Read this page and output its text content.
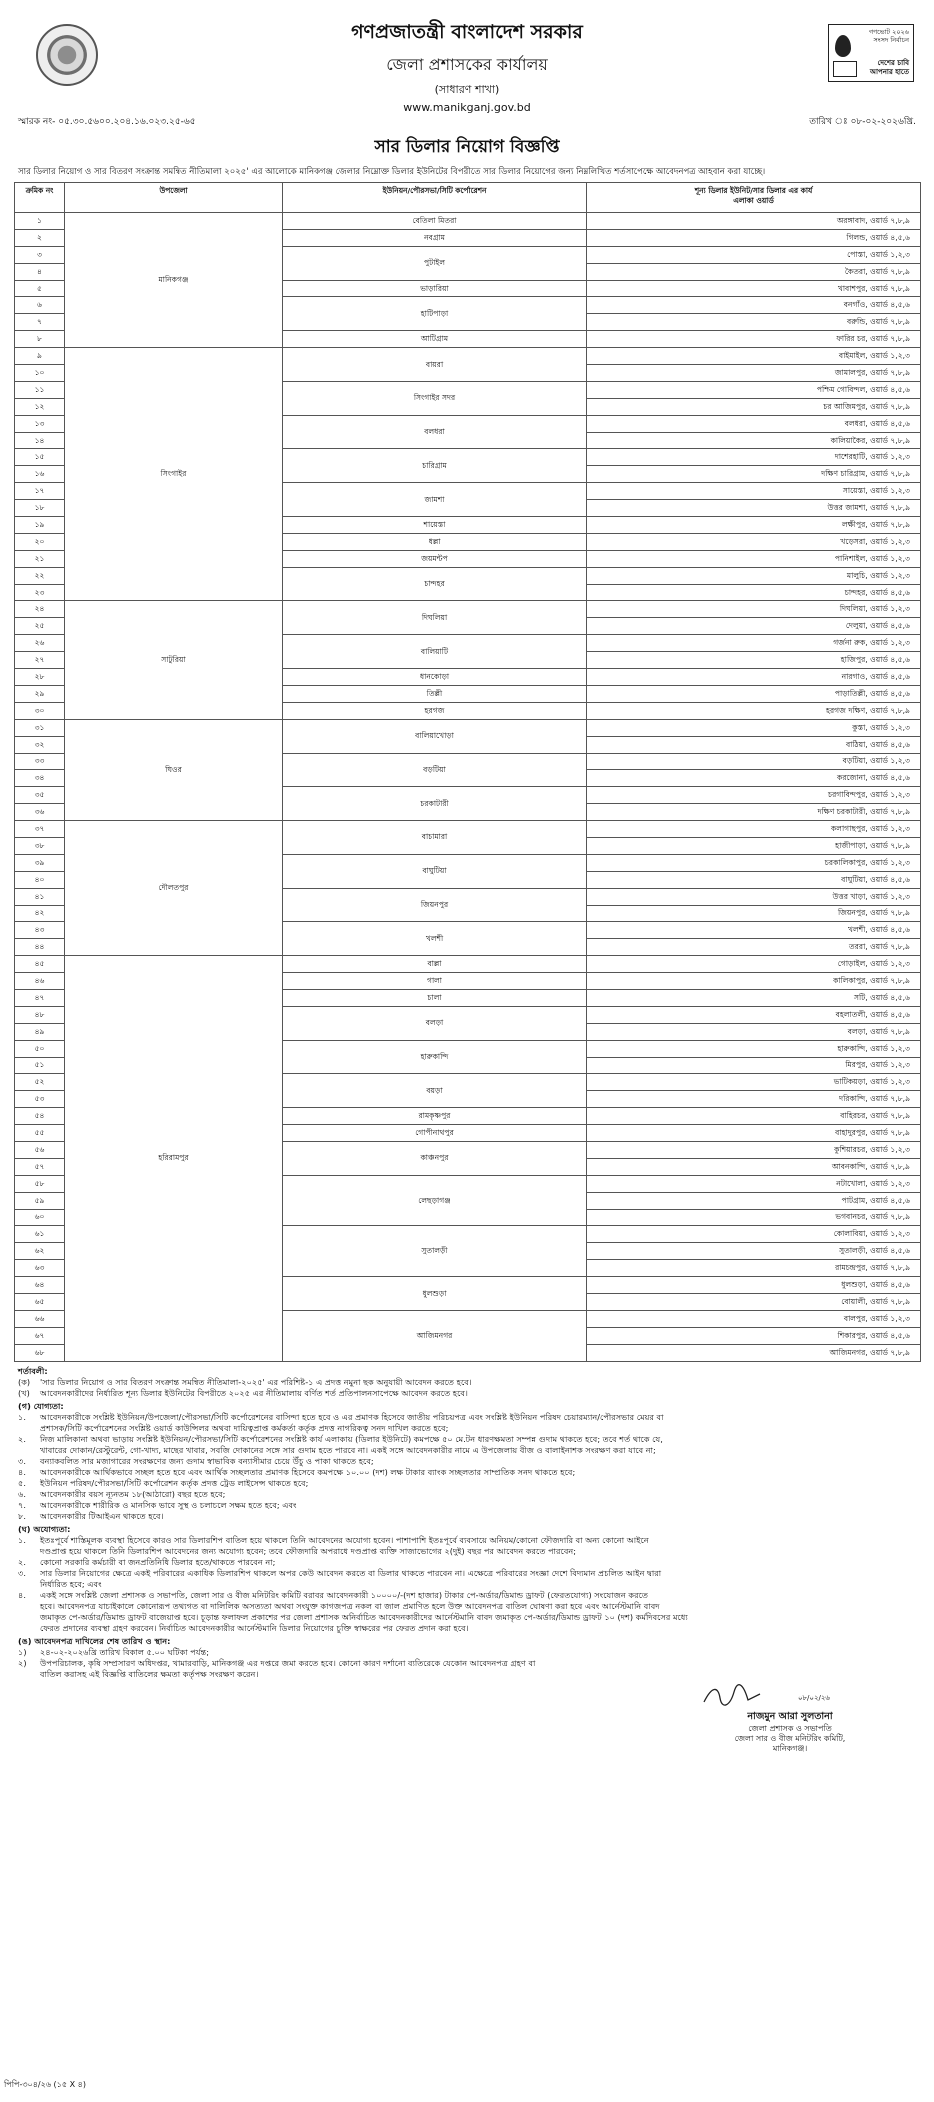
গণপ্রজাতন্ত্রী বাংলাদেশ সরকার
জেলা প্রশাসকের কার্যালয়
(সাধারণ শাখা)
www.manikganj.gov.bd
গণভোট ২০২৬
সংসদ নির্বাচন
দেশের চাবি
আপনার হাতে
স্মারক নং- ০৫.৩০.৫৬০০.২০৪.১৬.০২৩.২৫-৬৫	তারিখ ঃ ০৮-০২-২০২৬খ্রি.
সার ডিলার নিয়োগ বিজ্ঞপ্তি
সার ডিলার নিয়োগ ও সার বিতরণ সংক্রান্ত সমন্বিত নীতিমালা ২০২৫' এর আলোকে মানিকগঞ্জ জেলার নিম্নোক্ত ডিলার ইউনিটের বিপরীতে সার ডিলার নিয়োগের জন্য নিম্নলিখিত শর্তসাপেক্ষে আবেদনপত্র আহবান করা যাচ্ছে।
ক্রমিক নং	উপজেলা	ইউনিয়ন/পৌরসভা/সিটি কর্পোরেশন	শূন্য ডিলার ইউনিট/সার ডিলার এর কার্য
এলাকা ওয়ার্ড

১	মানিকগঞ্জ	বেতিলা মিতরা	অরঙ্গাবাদ, ওয়ার্ড ৭,৮,৯
২		নবগ্রাম	গিলন্ড, ওয়ার্ড ৪,৫,৬
৩		পুটাইল	পোস্তা, ওয়ার্ড ১,২,৩
৪			কৈতরা, ওয়ার্ড ৭,৮,৯
৫		ভাড়ারিয়া	খাবাশপুর, ওয়ার্ড ৭,৮,৯
৬		হাটিপাড়া	বনগাঁও, ওয়ার্ড ৪,৫,৬
৭			বরুন্ডি, ওয়ার্ড ৭,৮,৯
৮		আটিগ্রাম	ফারির চর, ওয়ার্ড ৭,৮,৯
৯	সিংগাইর	বায়রা	বাইমাইল, ওয়ার্ড ১,২,৩
১০			জামালপুর, ওয়ার্ড ৭,৮,৯
১১		সিংগাইর সদর	পশ্চিম গোবিন্দল, ওয়ার্ড ৪,৫,৬
১২			চর আজিমপুর, ওয়ার্ড ৭,৮,৯
১৩		বলধরা	বলধরা, ওয়ার্ড ৪,৫,৬
১৪			কালিয়াকৈর, ওয়ার্ড ৭,৮,৯
১৫		চারিগ্রাম	দাশেরহাটি, ওয়ার্ড ১,২,৩
১৬			দক্ষিণ চারিগ্রাম, ওয়ার্ড ৭,৮,৯
১৭		জামশা	সায়েস্তা, ওয়ার্ড ১,২,৩
১৮			উত্তর জামশা, ওয়ার্ড ৭,৮,৯
১৯		শায়েস্তা	লক্ষীপুর, ওয়ার্ড ৭,৮,৯
২০		ধল্লা	খড়েসরা, ওয়ার্ড ১,২,৩
২১		জয়মন্টপ	পানিশাইল, ওয়ার্ড ১,২,৩
২২		চান্দহর	মালুচি, ওয়ার্ড ১,২,৩
২৩			চান্দহর, ওয়ার্ড ৪,৫,৬
২৪	সাটুরিয়া	দিঘলিয়া	দিঘলিয়া, ওয়ার্ড ১,২,৩
২৫			দেলুয়া, ওয়ার্ড ৪,৫,৬
২৬		বালিয়াটি	গর্জনা রুক, ওয়ার্ড ১,২,৩
২৭			হাজিপুর, ওয়ার্ড ৪,৫,৬
২৮		ধানকোড়া	নারগাও, ওয়ার্ড ৪,৫,৬
২৯		তিল্লী	পাড়াতিল্লী, ওয়ার্ড ৪,৫,৬
৩০		হরগজ	হরগজ দক্ষিণ, ওয়ার্ড ৭,৮,৯
৩১	ঘিওর	বালিয়াখোড়া	কুস্তা, ওয়ার্ড ১,২,৩
৩২			বাঠিয়া, ওয়ার্ড ৪,৫,৬
৩৩		বড়টিয়া	বড়টিয়া, ওয়ার্ড ১,২,৩
৩৪			করজোনা, ওয়ার্ড ৪,৫,৬
৩৫		চরকাটারী	চরগাবিন্দপুর, ওয়ার্ড ১,২,৩
৩৬			দক্ষিণ চরকাটারী, ওয়ার্ড ৭,৮,৯
৩৭	দৌলতপুর	বাচামারা	কলাগাছপুর, ওয়ার্ড ১,২,৩
৩৮			হাজীপাড়া, ওয়ার্ড ৭,৮,৯
৩৯		বাঘুটিয়া	চরকালিকাপুর, ওয়ার্ড ১,২,৩
৪০			বাঘুটিয়া, ওয়ার্ড ৪,৫,৬
৪১		জিয়নপুর	উত্তর খাড়া, ওয়ার্ড ১,২,৩
৪২			জিয়নপুর, ওয়ার্ড ৭,৮,৯
৪৩		খলশী	খলশী, ওয়ার্ড ৪,৫,৬
৪৪			তররা, ওয়ার্ড ৭,৮,৯
৪৫	হরিরামপুর	বাল্লা	গোড়াইল, ওয়ার্ড ১,২,৩
৪৬		গালা	কালিকাপুর, ওয়ার্ড ৭,৮,৯
৪৭		চালা	সটি, ওয়ার্ড ৪,৫,৬
৪৮		বলড়া	বহলাতলী, ওয়ার্ড ৪,৫,৬
৪৯			বলড়া, ওয়ার্ড ৭,৮,৯
৫০		হারুকান্দি	হারুকান্দি, ওয়ার্ড ১,২,৩
৫১			মিরপুর, ওয়ার্ড ১,২,৩
৫২		বয়ড়া	ভাটিকয়ড়া, ওয়ার্ড ১,২,৩
৫৩			দরিকান্দি, ওয়ার্ড ৭,৮,৯
৫৪		রামকৃষ্ণপুর	বাহিরচর, ওয়ার্ড ৭,৮,৯
৫৫		গোপীনাথপুর	বাহাদুরপুর, ওয়ার্ড ৭,৮,৯
৫৬		কাঞ্চনপুর	কুশিয়ারচর, ওয়ার্ড ১,২,৩
৫৭			আবনকান্দি, ওয়ার্ড ৭,৮,৯
৫৮		লেছড়াগঞ্জ	নটাখোলা, ওয়ার্ড ১,২,৩
৫৯			পাটগ্রাম, ওয়ার্ড ৪,৫,৬
৬০			ভগবানচর, ওয়ার্ড ৭,৮,৯
৬১		সুতালড়ী	কোলাবিয়া, ওয়ার্ড ১,২,৩
৬২			সুতালড়ী, ওয়ার্ড ৪,৫,৬
৬৩			রামচন্দ্রপুর, ওয়ার্ড ৭,৮,৯
৬৪		ধুলশুড়া	ধুলশুড়া, ওয়ার্ড ৪,৫,৬
৬৫			বোয়ালী, ওয়ার্ড ৭,৮,৯
৬৬		আজিমনগর	বালপুর, ওয়ার্ড ১,২,৩
৬৭			শিকারপুর, ওয়ার্ড ৪,৫,৬
৬৮			আজিমনগর, ওয়ার্ড ৭,৮,৯
শর্তাবলী:
(ক)	'সার ডিলার নিয়োগ ও সার বিতরণ সংক্রান্ত সমন্বিত নীতিমালা-২০২৫' এর পরিশিষ্ট-১ এ প্রদত্ত নমুনা ছক অনুযায়ী আবেদন করতে হবে।
(খ)	আবেদনকারীদের নির্ধারিত শূন্য ডিলার ইউনিটের বিপরীতে ২০২৫ এর নীতিমালায় বর্ণিত শর্ত প্রতিপালনসাপেক্ষে আবেদন করতে হবে।
(গ) যোগ্যতা:
১.	আবেদনকারীকে সংশ্লিষ্ট ইউনিয়ন/উপজেলা/পৌরসভা/সিটি কর্পোরেশনের বাসিন্দা হতে হবে ও এর প্রমাণক হিসেবে জাতীয় পরিচয়পত্র এবং সংশ্লিষ্ট ইউনিয়ন পরিষদ চেয়ারম্যান/পৌরসভার মেয়র বা
প্রশাসক/সিটি কর্পোরেশনের সংশ্লিষ্ট ওয়ার্ড কাউন্সিলর অথবা দায়িত্বপ্রাপ্ত কর্মকর্তা কর্তৃক প্রদত্ত নাগরিকত্ব সনদ দাখিল করতে হবে;
২.	নিজ মালিকানা অথবা ভাড়ায় সংশ্লিষ্ট ইউনিয়ন/পৌরসভা/সিটি কর্পোরেশনের সংশ্লিষ্ট কার্য এলাকায় (ডিলার ইউনিটে) কমপক্ষে ৫০ মে.টন ধারণক্ষমতা সম্পন্ন গুদাম থাকতে হবে; তবে শর্ত থাকে যে,
খাবারের দোকান/রেস্টুরেন্ট, গো-খাদ্য, মাছের খাবার, সবজি দোকানের সঙ্গে সার গুদাম হতে পারবে না। একই সঙ্গে আবেদনকারীর নামে এ উপজেলায় বীজ ও বালাইনাশক সংরক্ষণ করা যাবে না;
৩.	বন্যাকবলিত সার মজাগারের সংরক্ষণের জন্য গুদাম স্বাভাবিক বন্যাসীমার চেয়ে উঁচু ও পাকা থাকতে হবে;
৪.	আবেদনকারীকে আর্থিকভাবে সচ্ছল হতে হবে এবং আর্থিক সচ্ছলতার প্রমাণক হিসেবে কমপক্ষে ১০.০০ (দশ) লক্ষ টাকার ব্যাংক সচ্ছলতার সাম্প্রতিক সনদ থাকতে হবে;
৫.	ইউনিয়ন পরিষদ/পৌরসভা/সিটি কর্পোরেশন কর্তৃক প্রদত্ত ট্রেড লাইসেন্স থাকতে হবে;
৬.	আবেদনকারীর বয়স ন্যূনতম ১৮(আঠারো) বছর হতে হবে;
৭.	আবেদনকারীকে শারীরিক ও মানসিক ভাবে সুস্থ ও চলাচলে সক্ষম হতে হবে; এবং
৮.	আবেদনকারীর টিআইএন থাকতে হবে।
(ঘ) অযোগ্যতা:
১.	ইতঃপূর্বে শাস্তিমূলক ব্যবস্থা হিসেবে কারও সার ডিলারশিপ বাতিল হয়ে থাকলে তিনি আবেদনের অযোগ্য হবেন। পাশাপাশি ইতঃপূর্বে ব্যবসায়ে অনিয়ম/কোনো ফৌজদারি বা অন্য কোনো আইনে
দণ্ডপ্রাপ্ত হয়ে থাকলে তিনি ডিলারশিপ আবেদনের জন্য অযোগ্য হবেন; তবে ফৌজদারি অপরাধে দণ্ডপ্রাপ্ত ব্যক্তি সাজাভোগের ২(দুই) বছর পর আবেদন করতে পারবেন;
২.	কোনো সরকারি কর্মচারী বা জনপ্রতিনিধি ডিলার হতে/থাকতে পারবেন না;
৩.	সার ডিলার নিয়োগের ক্ষেত্রে একই পরিবারের একাধিক ডিলারশিপ থাকলে অপর কেউ আবেদন করতে বা ডিলার থাকতে পারবেন না। এক্ষেত্রে পরিবারের সংজ্ঞা দেশে বিদ্যমান প্রচলিত আইন দ্বারা
নির্ধারিত হবে; এবং
৪.	একই সঙ্গে সংশ্লিষ্ট জেলা প্রশাসক ও সভাপতি, জেলা সার ও বীজ মনিটরিং কমিটি বরাবর আবেদনকারী ১০০০০/-(দশ হাজার) টাকার পে-অর্ডার/ডিমান্ড ড্রাফট (ফেরতযোগ্য) সংযোজন করতে
হবে। আবেদনপত্র যাচাইকালে কোনোরূপ তথ্যগত বা দালিলিক অসত্যতা অথবা সংযুক্ত কাগজপত্র নকল বা জাল প্রমাণিত হলে উক্ত আবেদনপত্র বাতিল ঘোষণা করা হবে এবং আর্নেস্টমানি বাবদ
জমাকৃত পে-অর্ডার/ডিমান্ড ড্রাফট বাজেয়াপ্ত হবে। চূড়ান্ত ফলাফল প্রকাশের পর জেলা প্রশাসক অনির্বাচিত আবেদনকারীদের আর্নেস্টমানি বাবদ জমাকৃত পে-অর্ডার/ডিমান্ড ড্রাফট ১০ (দশ) কর্মদিবসের মধ্যে
ফেরত প্রদানের ব্যবস্থা গ্রহণ করবেন। নির্বাচিত আবেদনকারীর আর্নেস্টমানি ডিলার নিয়োগের চুক্তি স্বাক্ষরের পর ফেরত প্রদান করা হবে।
(ঙ) আবেদনপত্র দাখিলের শেষ তারিখ ও স্থান:
১)	২৪-০২-২০২৬খ্রি তারিখ বিকাল ৫.০০ ঘটিকা পর্যন্ত;
২)	উপপরিচালক, কৃষি সম্প্রসারণ অধিদপ্তর, খামারবাড়ি, মানিকগঞ্জ এর দপ্তরে জমা করতে হবে। কোনো কারণ দর্শানো ব্যতিরেকে যেকোন আবেদনপত্র গ্রহণ বা
বাতিল করাসহ এই বিজ্ঞপ্তি বাতিলের ক্ষমতা কর্তৃপক্ষ সংরক্ষণ করেন।
০৮/০২/২৬
নাজমুন আরা সুলতানা
জেলা প্রশাসক ও সভাপতি
জেলা সার ও বীজ মনিটরিং কমিটি,
মানিকগঞ্জ।
পিপি-৩০৪/২৬ (১৫ X ৪)
